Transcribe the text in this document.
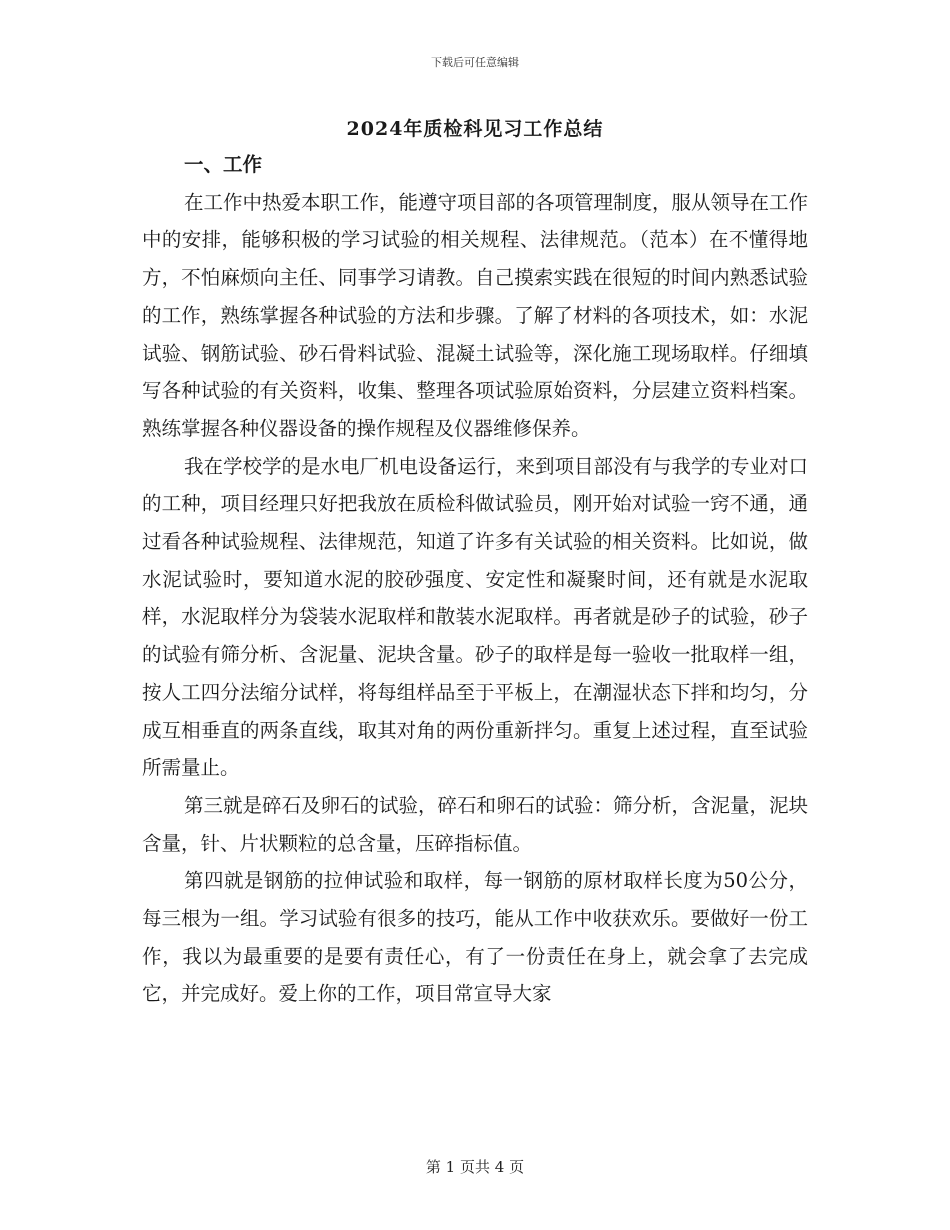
下载后可任意编辑
2024年质检科见习工作总结

一、工作

在工作中热爱本职工作，能遵守项目部的各项管理制度，服从领导在工作中的安排，能够积极的学习试验的相关规程、法律规范。（范本）在不懂得地方，不怕麻烦向主任、同事学习请教。自己摸索实践在很短的时间内熟悉试验的工作，熟练掌握各种试验的方法和步骤。了解了材料的各项技术，如：水泥试验、钢筋试验、砂石骨料试验、混凝土试验等，深化施工现场取样。仔细填写各种试验的有关资料，收集、整理各项试验原始资料，分层建立资料档案。熟练掌握各种仪器设备的操作规程及仪器维修保养。

我在学校学的是水电厂机电设备运行，来到项目部没有与我学的专业对口的工种，项目经理只好把我放在质检科做试验员，刚开始对试验一窍不通，通过看各种试验规程、法律规范，知道了许多有关试验的相关资料。比如说，做水泥试验时，要知道水泥的胶砂强度、安定性和凝聚时间，还有就是水泥取样，水泥取样分为袋装水泥取样和散装水泥取样。再者就是砂子的试验，砂子的试验有筛分析、含泥量、泥块含量。砂子的取样是每一验收一批取样一组，按人工四分法缩分试样，将每组样品至于平板上，在潮湿状态下拌和均匀，分成互相垂直的两条直线，取其对角的两份重新拌匀。重复上述过程，直至试验所需量止。

第三就是碎石及卵石的试验，碎石和卵石的试验：筛分析，含泥量，泥块含量，针、片状颗粒的总含量，压碎指标值。

第四就是钢筋的拉伸试验和取样，每一钢筋的原材取样长度为50公分，每三根为一组。学习试验有很多的技巧，能从工作中收获欢乐。要做好一份工作，我以为最重要的是要有责任心，有了一份责任在身上，就会拿了去完成它，并完成好。爱上你的工作，项目常宣导大家

第 1 页共 4 页
